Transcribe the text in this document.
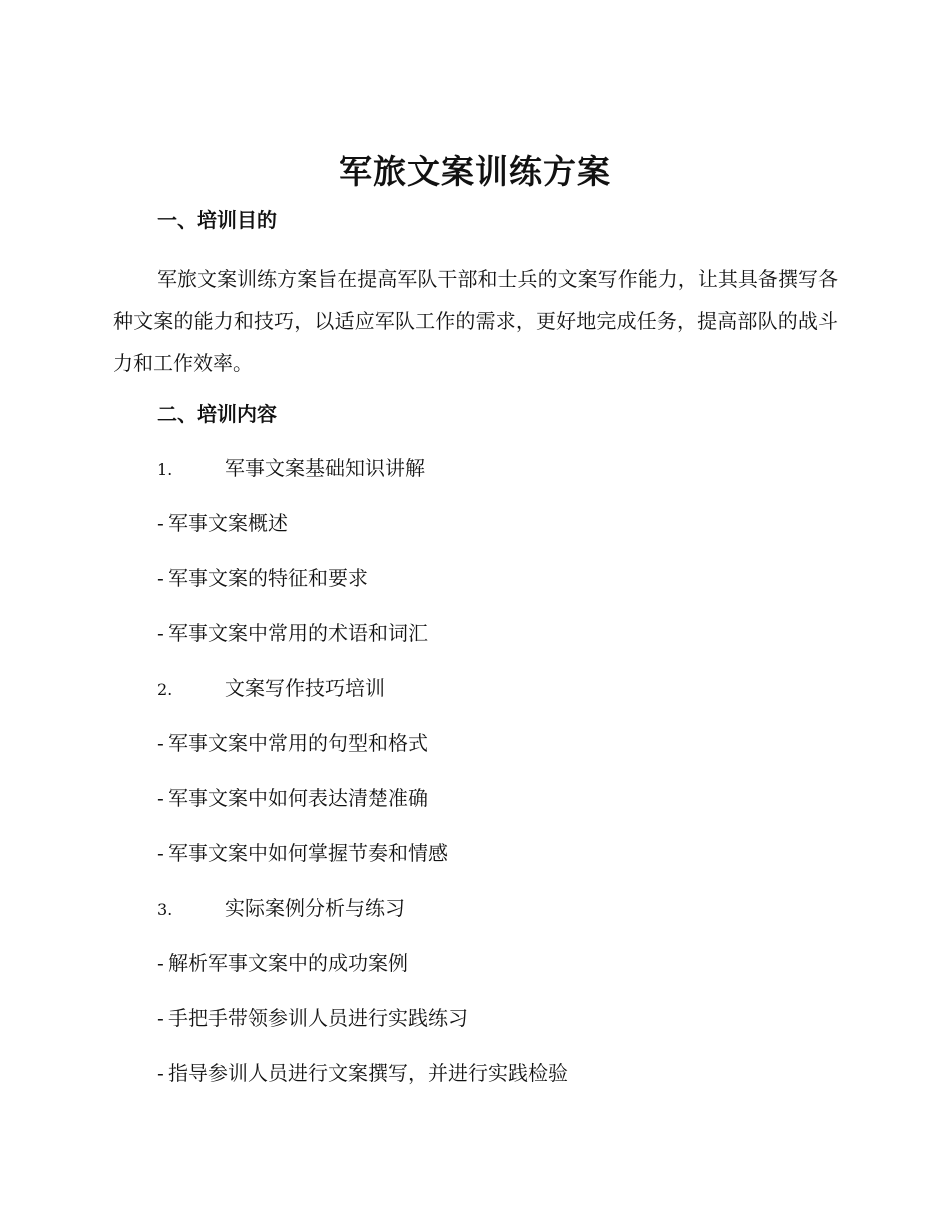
军旅文案训练方案
一、培训目的
军旅文案训练方案旨在提高军队干部和士兵的文案写作能力，让其具备撰写各种文案的能力和技巧，以适应军队工作的需求，更好地完成任务，提高部队的战斗力和工作效率。
二、培训内容
1.	军事文案基础知识讲解
- 军事文案概述
- 军事文案的特征和要求
- 军事文案中常用的术语和词汇
2.	文案写作技巧培训
- 军事文案中常用的句型和格式
- 军事文案中如何表达清楚准确
- 军事文案中如何掌握节奏和情感
3.	实际案例分析与练习
- 解析军事文案中的成功案例
- 手把手带领参训人员进行实践练习
- 指导参训人员进行文案撰写，并进行实践检验
